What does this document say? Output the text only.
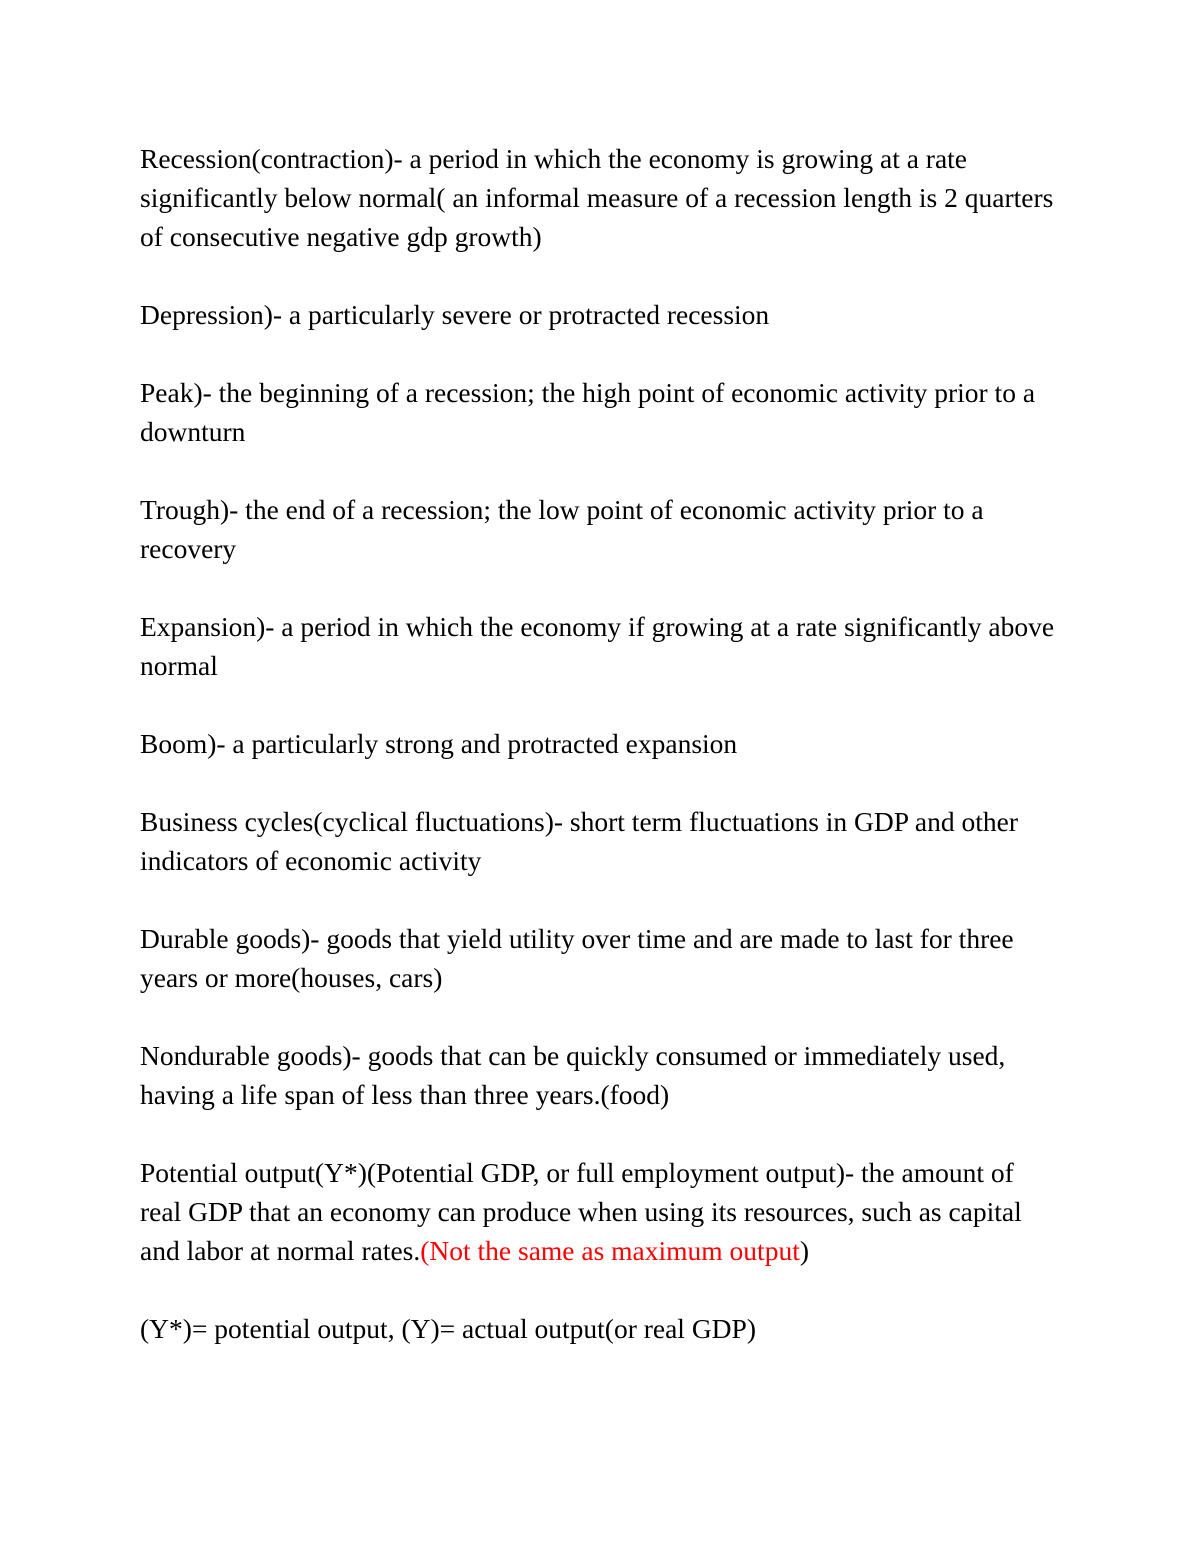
Recession(contraction)- a period in which the economy is growing at a rate significantly below normal( an informal measure of a recession length is 2 quarters of consecutive negative gdp growth)

Depression)- a particularly severe or protracted recession

Peak)- the beginning of a recession; the high point of economic activity prior to a downturn

Trough)- the end of a recession; the low point of economic activity prior to a recovery

Expansion)- a period in which the economy if growing at a rate significantly above normal

Boom)- a particularly strong and protracted expansion

Business cycles(cyclical fluctuations)- short term fluctuations in GDP and other indicators of economic activity

Durable goods)- goods that yield utility over time and are made to last for three years or more(houses, cars)

Nondurable goods)- goods that can be quickly consumed or immediately used, having a life span of less than three years.(food)

Potential output(Y*)(Potential GDP, or full employment output)- the amount of real GDP that an economy can produce when using its resources, such as capital and labor at normal rates.(Not the same as maximum output)

(Y*)= potential output, (Y)= actual output(or real GDP)
